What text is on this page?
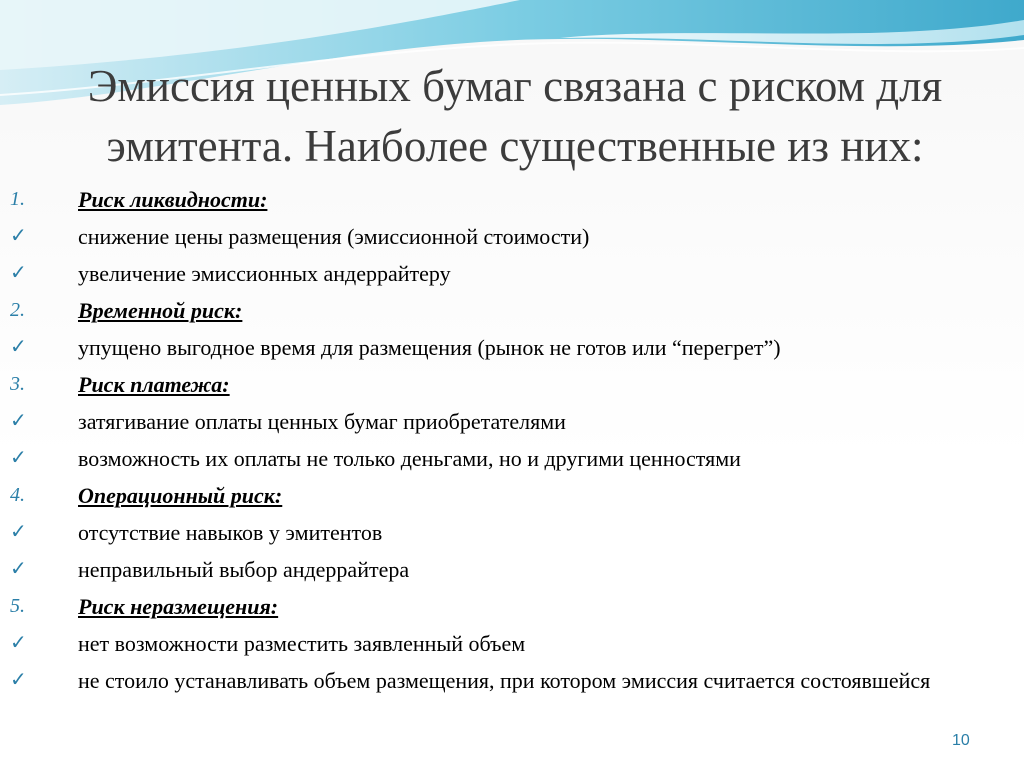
Эмиссия ценных бумаг связана с риском для эмитента. Наиболее существенные из них:
1.	Риск ликвидности:
✓	снижение цены размещения (эмиссионной стоимости)
✓	увеличение эмиссионных андеррайтеру
2.	Временной риск:
✓	упущено выгодное время для размещения (рынок не готов или “перегрет”)
3.	Риск платежа:
✓	затягивание оплаты ценных бумаг приобретателями
✓	возможность их оплаты не только деньгами, но и другими ценностями
4.	Операционный риск:
✓	отсутствие навыков у эмитентов
✓	неправильный выбор андеррайтера
5.	Риск неразмещения:
✓	нет возможности разместить заявленный объем
✓	не стоило устанавливать объем размещения, при котором эмиссия считается состоявшейся
10
